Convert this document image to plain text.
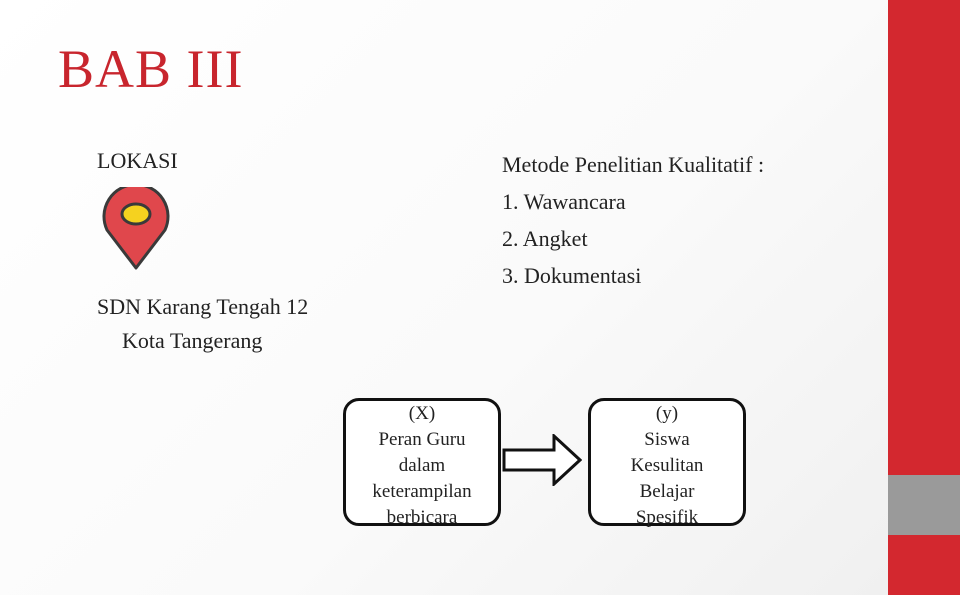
BAB III
LOKASI
SDN Karang Tengah 12
Kota Tangerang
Metode Penelitian Kualitatif :
1. Wawancara
2. Angket
3. Dokumentasi
(X)
Peran Guru
dalam
keterampilan
berbicara
(y)
Siswa
Kesulitan
Belajar
Spesifik
